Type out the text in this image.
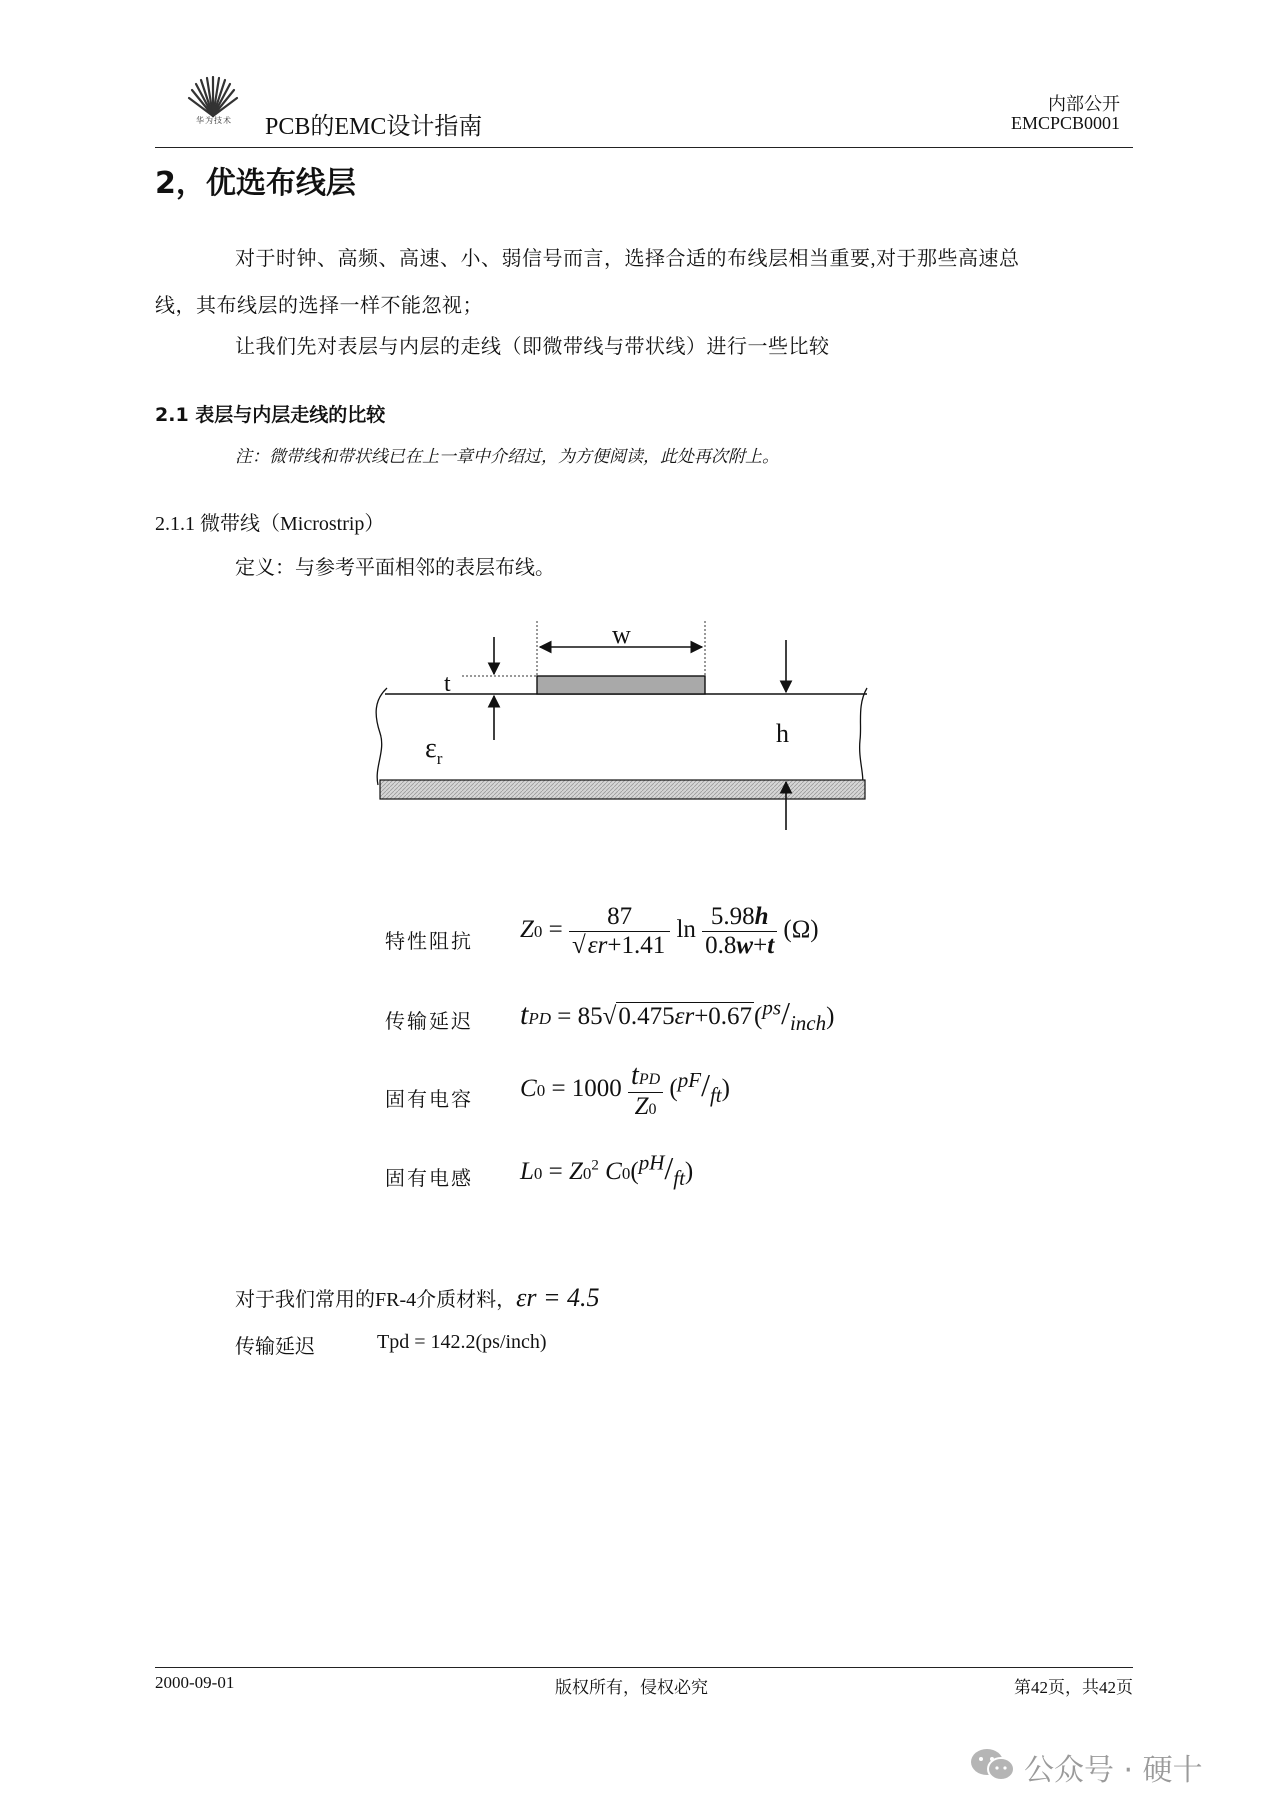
华为技术	PCB的EMC设计指南
内部公开
EMCPCB0001
2，优选布线层
对于时钟、高频、高速、小、弱信号而言，选择合适的布线层相当重要,对于那些高速总
线，其布线层的选择一样不能忽视；
让我们先对表层与内层的走线（即微带线与带状线）进行一些比较
2.1 表层与内层走线的比较
注：微带线和带状线已在上一章中介绍过，为方便阅读，此处再次附上。
2.1.1 微带线（Microstrip）
定义：与参考平面相邻的表层布线。
w
t
h
$\varepsilon_r$
特性阻抗 $Z0 = \frac{87}{√\varepsilon r+1.41}$ $\ln \frac{5.98h}{0.8w+t} (\Omega)$
传输延迟 tPD = $85√0.475\varepsilon r+0.67(^{ps}/_{inch})$
固有电容 $C0 = 1000 \frac{\text{tPD}}{Z0} (^{pF}/_{ft})$
固有电感 $L0 = Z0^2$ $C0(^{pH}/_{ft})$
对于我们常用的FR-4介质材料，εr = 4.5
传输延迟	Tpd = 142.2(ps/inch)
2000-09-01	版权所有，侵权必究	第42页，共42页
公众号 · 硬十
